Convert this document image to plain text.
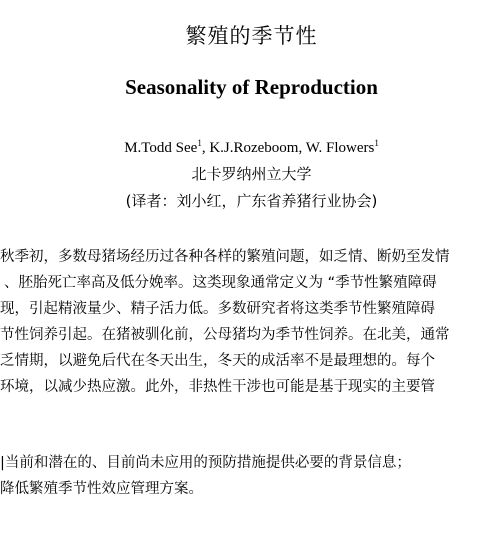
繁殖的季节性
Seasonality of Reproduction
M.Todd See$^1$, K.J.Rozeboom, W. Flowers$^1$
北卡罗纳州立大学
(译者：刘小红，广东省养猪行业协会)
秋季初，多数母猪场经历过各种各样的繁殖问题，如乏情、断奶至发情
、胚胎死亡率高及低分娩率。这类现象通常定义为 “季节性繁殖障碍
现，引起精液量少、精子活力低。多数研究者将这类季节性繁殖障碍
节性饲养引起。在猪被驯化前，公母猪均为季节性饲养。在北美，通常
乏情期，以避免后代在冬天出生，冬天的成活率不是最理想的。每个
环境，以减少热应激。此外，非热性干涉也可能是基于现实的主要管
|当前和潜在的、目前尚未应用的预防措施提供必要的背景信息；
降低繁殖季节性效应管理方案。
